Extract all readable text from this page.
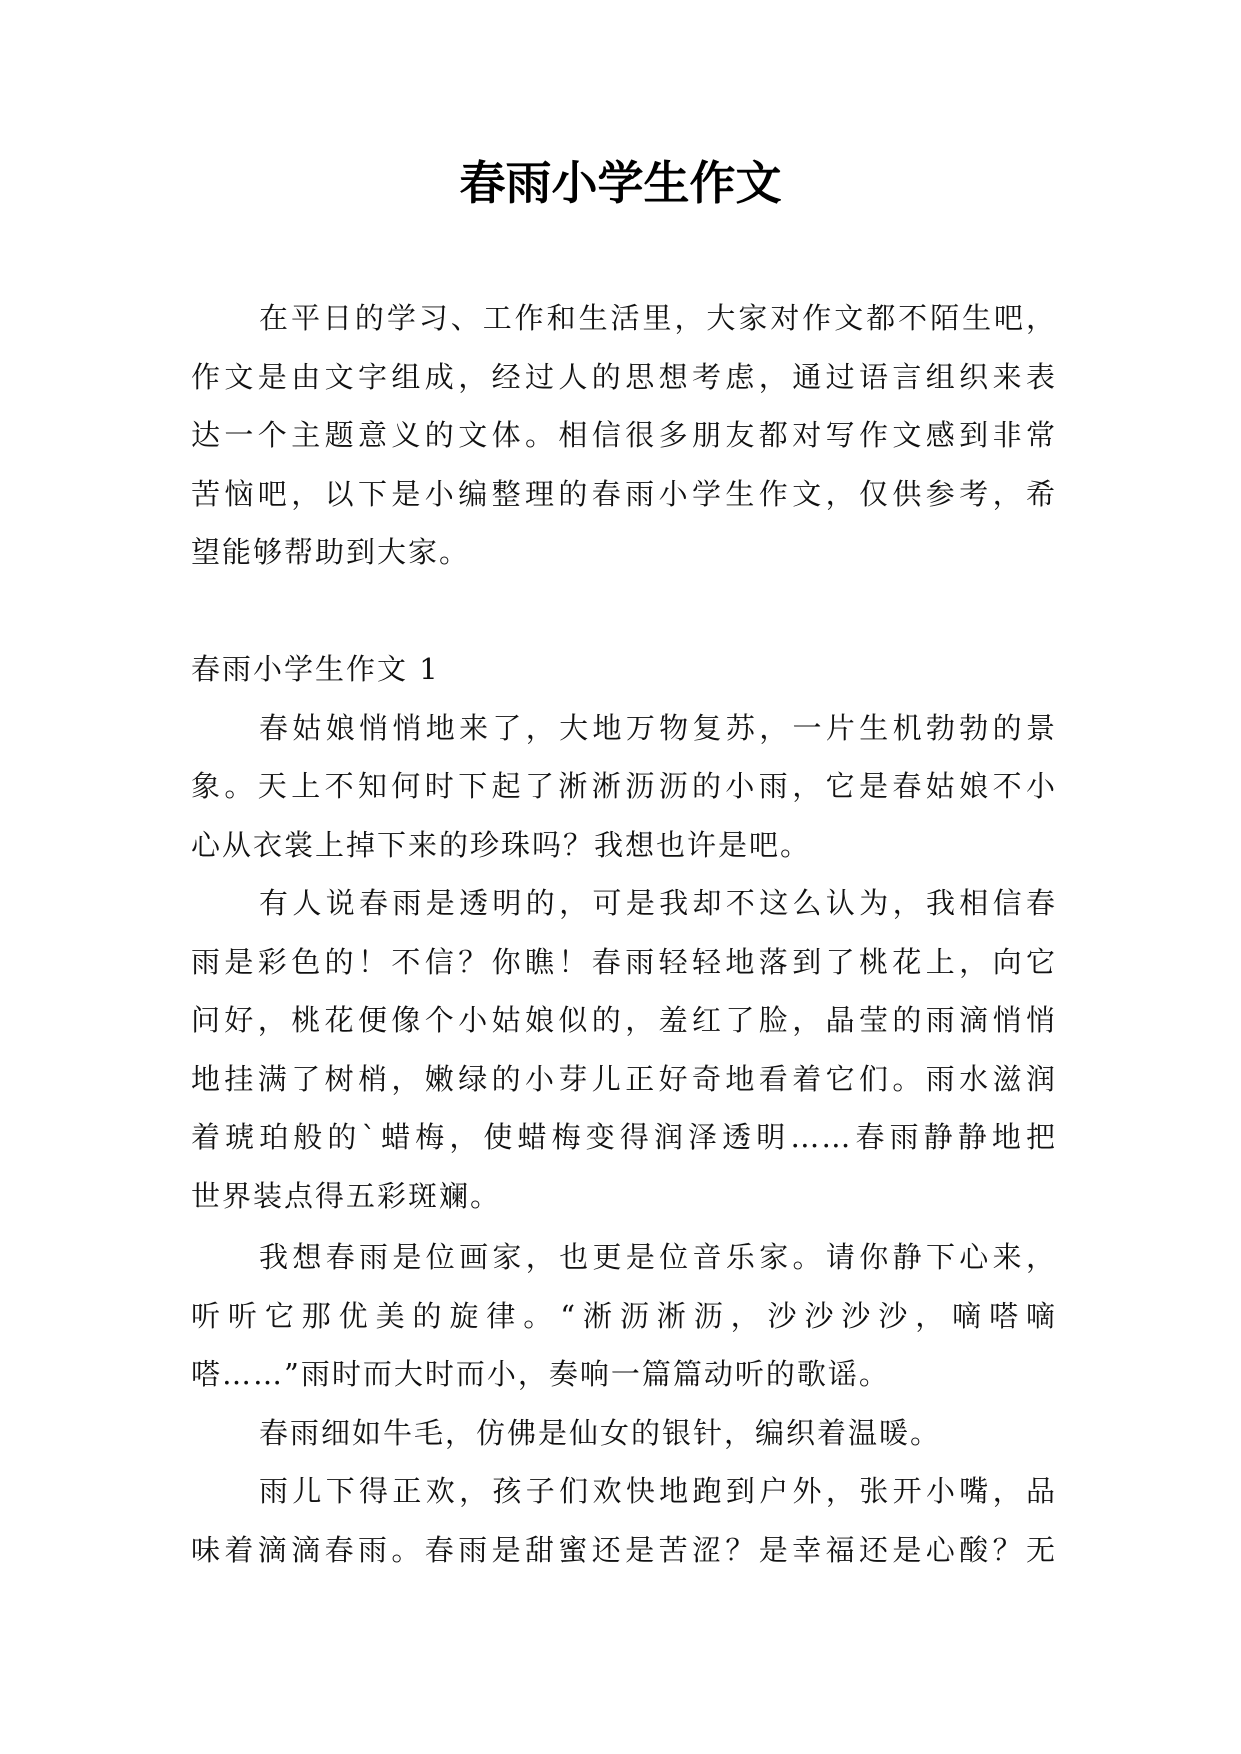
春雨小学生作文
在平日的学习、工作和生活里，大家对作文都不陌生吧，
作文是由文字组成，经过人的思想考虑，通过语言组织来表
达一个主题意义的文体。相信很多朋友都对写作文感到非常
苦恼吧，以下是小编整理的春雨小学生作文，仅供参考，希
望能够帮助到大家。
春雨小学生作文 1
春姑娘悄悄地来了，大地万物复苏，一片生机勃勃的景
象。天上不知何时下起了淅淅沥沥的小雨，它是春姑娘不小
心从衣裳上掉下来的珍珠吗？我想也许是吧。
有人说春雨是透明的，可是我却不这么认为，我相信春
雨是彩色的！不信？你瞧！春雨轻轻地落到了桃花上，向它
问好，桃花便像个小姑娘似的，羞红了脸，晶莹的雨滴悄悄
地挂满了树梢，嫩绿的小芽儿正好奇地看着它们。雨水滋润
着琥珀般的`蜡梅，使蜡梅变得润泽透明……春雨静静地把
世界装点得五彩斑斓。
我想春雨是位画家，也更是位音乐家。请你静下心来，
听听它那优美的旋律。“淅沥淅沥，沙沙沙沙，嘀嗒嘀
嗒……”雨时而大时而小，奏响一篇篇动听的歌谣。
春雨细如牛毛，仿佛是仙女的银针，编织着温暖。
雨儿下得正欢，孩子们欢快地跑到户外，张开小嘴，品
味着滴滴春雨。春雨是甜蜜还是苦涩？是幸福还是心酸？无
